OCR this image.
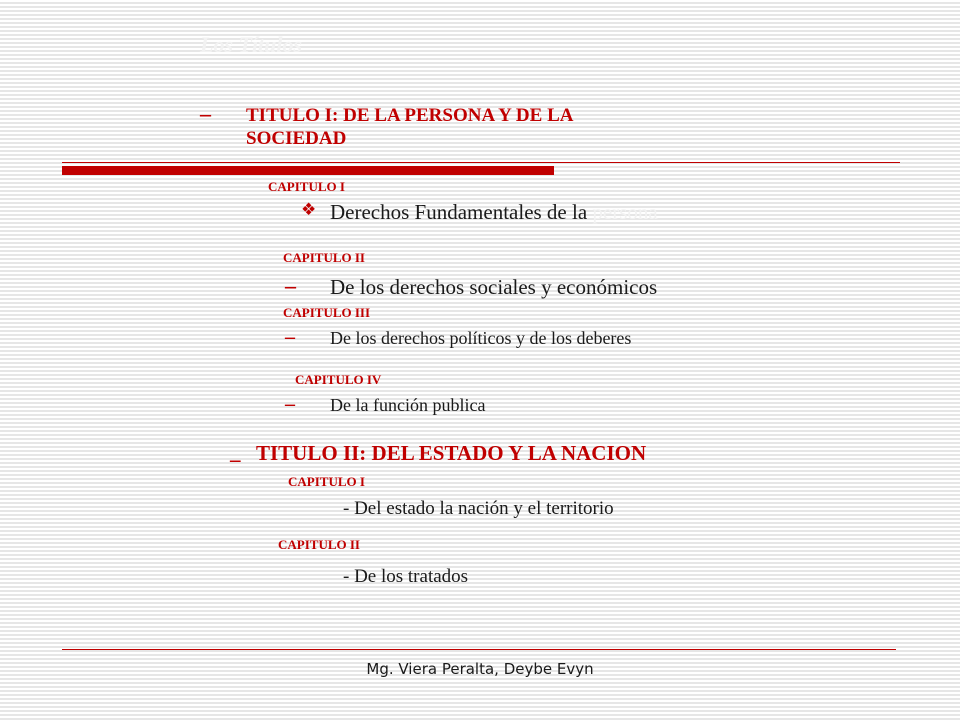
Los Títulos
– TITULO I: DE LA PERSONA Y DE LA
SOCIEDAD
CAPITULO I
❖ Derechos Fundamentales de la persona
CAPITULO II
– De los derechos sociales y económicos
CAPITULO III
– De los derechos políticos y de los deberes
CAPITULO IV
– De la función publica
_ TITULO II: DEL ESTADO Y LA NACION
CAPITULO I
- Del estado la nación y el territorio
CAPITULO II
- De los tratados
Mg. Viera Peralta, Deybe Evyn
